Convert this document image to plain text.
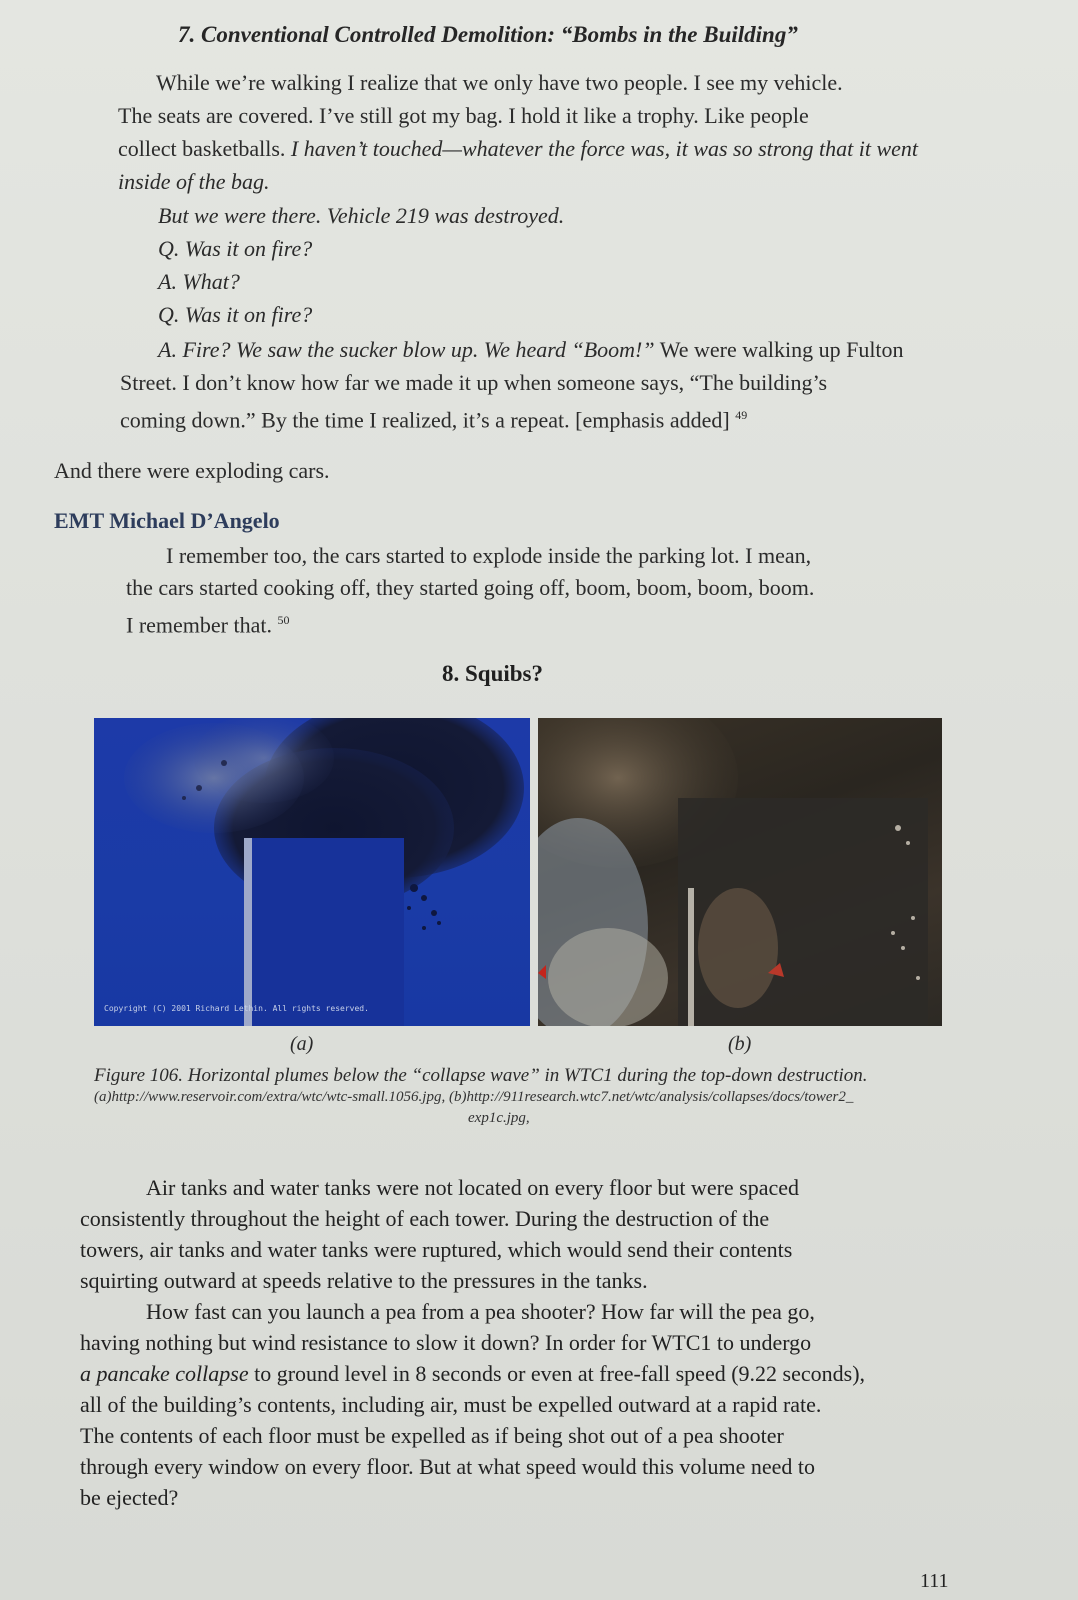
7. Conventional Controlled Demolition: “Bombs in the Building”
While we’re walking I realize that we only have two people. I see my vehicle.
The seats are covered. I’ve still got my bag. I hold it like a trophy. Like people
collect basketballs. I haven’t touched—whatever the force was, it was so strong that it went
inside of the bag.
But we were there. Vehicle 219 was destroyed.
Q. Was it on fire?
A. What?
Q. Was it on fire?
A. Fire? We saw the sucker blow up. We heard “Boom!” We were walking up Fulton
Street. I don’t know how far we made it up when someone says, “The building’s
coming down.” By the time I realized, it’s a repeat. [emphasis added] $^{49}$
And there were exploding cars.
EMT Michael D’Angelo
I remember too, the cars started to explode inside the parking lot. I mean,
the cars started cooking off, they started going off, boom, boom, boom, boom.
I remember that. $^{50}$
8. Squibs?
Copyright (C) 2001 Richard Lethin. All rights reserved.
(a)	(b)
Figure 106. Horizontal plumes below the “collapse wave” in WTC1 during the top-down destruction.
(a)http://www.reservoir.com/extra/wtc/wtc-small.1056.jpg, (b)http://911research.wtc7.net/wtc/analysis/collapses/docs/tower2_
exp1c.jpg,
Air tanks and water tanks were not located on every floor but were spaced
consistently throughout the height of each tower. During the destruction of the
towers, air tanks and water tanks were ruptured, which would send their contents
squirting outward at speeds relative to the pressures in the tanks.
How fast can you launch a pea from a pea shooter? How far will the pea go,
having nothing but wind resistance to slow it down? In order for WTC1 to undergo
a pancake collapse to ground level in 8 seconds or even at free-fall speed (9.22 seconds),
all of the building’s contents, including air, must be expelled outward at a rapid rate.
The contents of each floor must be expelled as if being shot out of a pea shooter
through every window on every floor. But at what speed would this volume need to
be ejected?
111
